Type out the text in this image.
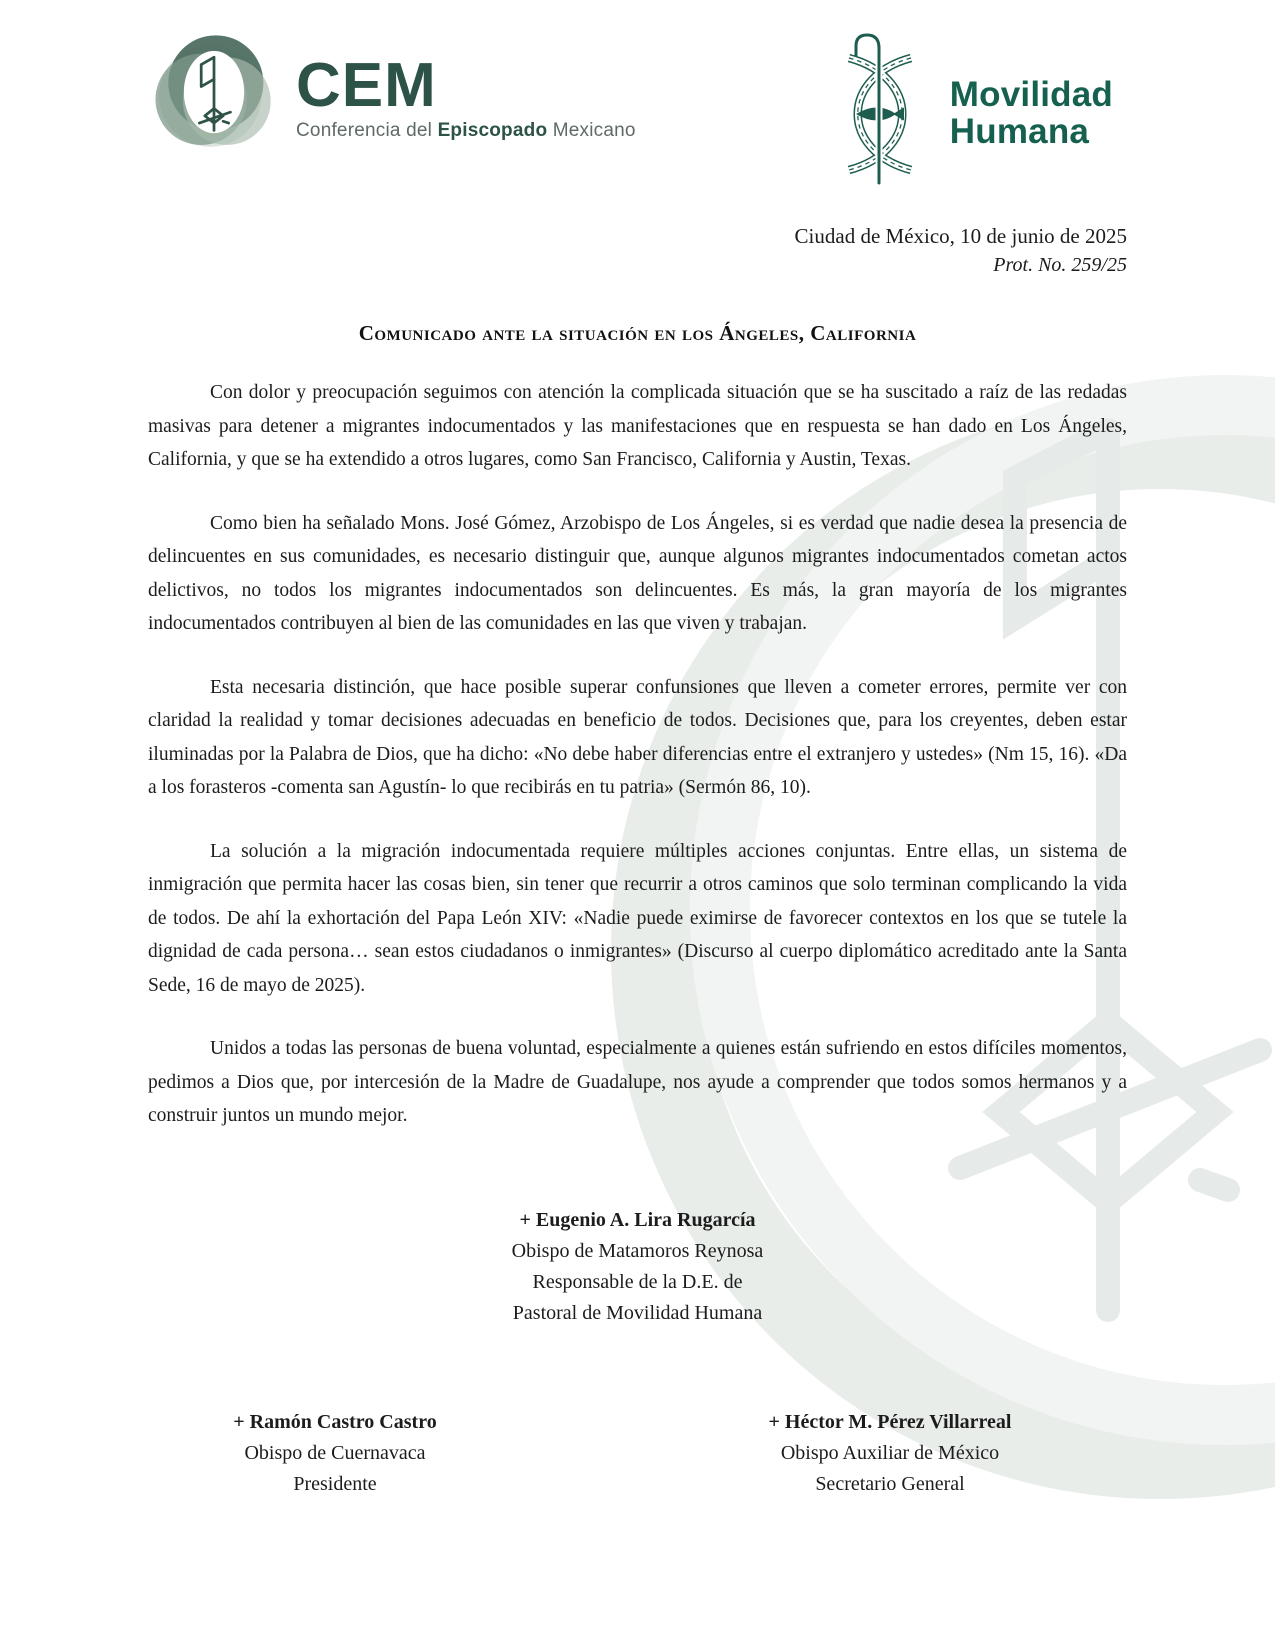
CEM
Conferencia del Episcopado Mexicano
Movilidad
Humana
Ciudad de México, 10 de junio de 2025
Prot. No. 259/25
Comunicado ante la situación en los Ángeles, California

Con dolor y preocupación seguimos con atención la complicada situación que se ha suscitado a raíz de las redadas masivas para detener a migrantes indocumentados y las manifestaciones que en respuesta se han dado en Los Ángeles, California, y que se ha extendido a otros lugares, como San Francisco, California y Austin, Texas.

Como bien ha señalado Mons. José Gómez, Arzobispo de Los Ángeles, si es verdad que nadie desea la presencia de delincuentes en sus comunidades, es necesario distinguir que, aunque algunos migrantes indocumentados cometan actos delictivos, no todos los migrantes indocumentados son delincuentes. Es más, la gran mayoría de los migrantes indocumentados contribuyen al bien de las comunidades en las que viven y trabajan.

Esta necesaria distinción, que hace posible superar confunsiones que lleven a cometer errores, permite ver con claridad la realidad y tomar decisiones adecuadas en beneficio de todos. Decisiones que, para los creyentes, deben estar iluminadas por la Palabra de Dios, que ha dicho: «No debe haber diferencias entre el extranjero y ustedes» (Nm 15, 16). «Da a los forasteros -comenta san Agustín- lo que recibirás en tu patria» (Sermón 86, 10).

La solución a la migración indocumentada requiere múltiples acciones conjuntas. Entre ellas, un sistema de inmigración que permita hacer las cosas bien, sin tener que recurrir a otros caminos que solo terminan complicando la vida de todos. De ahí la exhortación del Papa León XIV: «Nadie puede eximirse de favorecer contextos en los que se tutele la dignidad de cada persona… sean estos ciudadanos o inmigrantes» (Discurso al cuerpo diplomático acreditado ante la Santa Sede, 16 de mayo de 2025).

Unidos a todas las personas de buena voluntad, especialmente a quienes están sufriendo en estos difíciles momentos, pedimos a Dios que, por intercesión de la Madre de Guadalupe, nos ayude a comprender que todos somos hermanos y a construir juntos un mundo mejor.

+ Eugenio A. Lira Rugarcía
Obispo de Matamoros Reynosa
Responsable de la D.E. de
Pastoral de Movilidad Humana
+ Ramón Castro Castro
Obispo de Cuernavaca
Presidente
+ Héctor M. Pérez Villarreal
Obispo Auxiliar de México
Secretario General
